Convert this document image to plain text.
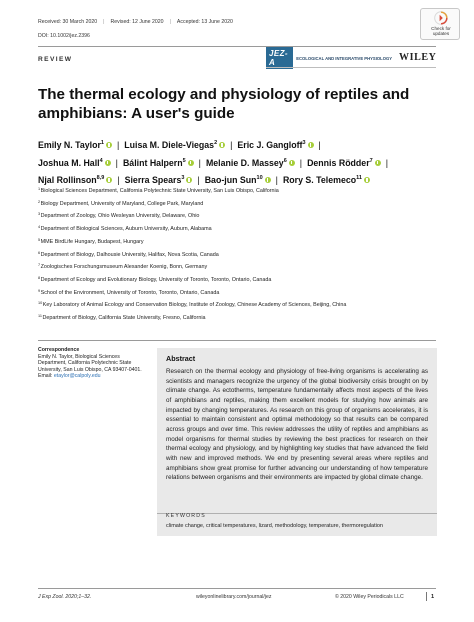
Received: 30 March 2020 | Revised: 12 June 2020 | Accepted: 13 June 2020
DOI: 10.1002/jez.2396
Check for
updates
REVIEW
JEZ-A	ECOLOGICAL AND INTEGRATIVE PHYSIOLOGY WILEY
The thermal ecology and physiology of reptiles and amphibians: A user's guide
Emily N. Taylor$^1$ | Luisa M. Diele-Viegas$^2$ | Eric J. Gangloff$^3$ |
Joshua M. Hall$^4$ | Bálint Halpern$^5$ | Melanie D. Massey$^6$ | Dennis Rödder$^7$ |
Njal Rollinson$^{8,9}$ | Sierra Spears$^3$ | Bao-jun Sun$^{10}$ | Rory S. Telemeco$^{11}$
$^1$Biological Sciences Department, California Polytechnic State University, San Luis Obispo, California
$^2$Biology Department, University of Maryland, College Park, Maryland
$^3$Department of Zoology, Ohio Wesleyan University, Delaware, Ohio
$^4$Department of Biological Sciences, Auburn University, Auburn, Alabama
$^5$MME BirdLife Hungary, Budapest, Hungary
$^6$Department of Biology, Dalhousie University, Halifax, Nova Scotia, Canada
$^7$Zoologisches Forschungsmuseum Alexander Koenig, Bonn, Germany
$^8$Department of Ecology and Evolutionary Biology, University of Toronto, Toronto, Ontario, Canada
$^9$School of the Environment, University of Toronto, Toronto, Ontario, Canada
$^{10}$Key Laboratory of Animal Ecology and Conservation Biology, Institute of Zoology, Chinese Academy of Sciences, Beijing, China
$^{11}$Department of Biology, California State University, Fresno, California
Correspondence
Emily N. Taylor, Biological Sciences
Department, California Polytechnic State
University, San Luis Obispo, CA 93407-0401.
Email: etaylor@calpoly.edu
Abstract

Research on the thermal ecology and physiology of free-living organisms is accelerating as scientists and managers recognize the urgency of the global biodiversity crisis brought on by climate change. As ectotherms, temperature fundamentally affects most aspects of the lives of amphibians and reptiles, making them excellent models for studying how animals are impacted by changing temperatures. As research on this group of organisms accelerates, it is essential to maintain consistent and optimal methodology so that results can be compared across groups and over time. This review addresses the utility of reptiles and amphibians as model organisms for thermal studies by reviewing the best practices for research on their thermal ecology and physiology, and by highlighting key studies that have advanced the field with new and improved methods. We end by presenting several areas where reptiles and amphibians show great promise for further advancing our understanding of how temperature relations between organisms and their environments are impacted by global climate change.

KEYWORDS
climate change, critical temperatures, lizard, methodology, temperature, thermoregulation
J Exp Zool. 2020;1–32.	wileyonlinelibrary.com/journal/jez	© 2020 Wiley Periodicals LLC	1
